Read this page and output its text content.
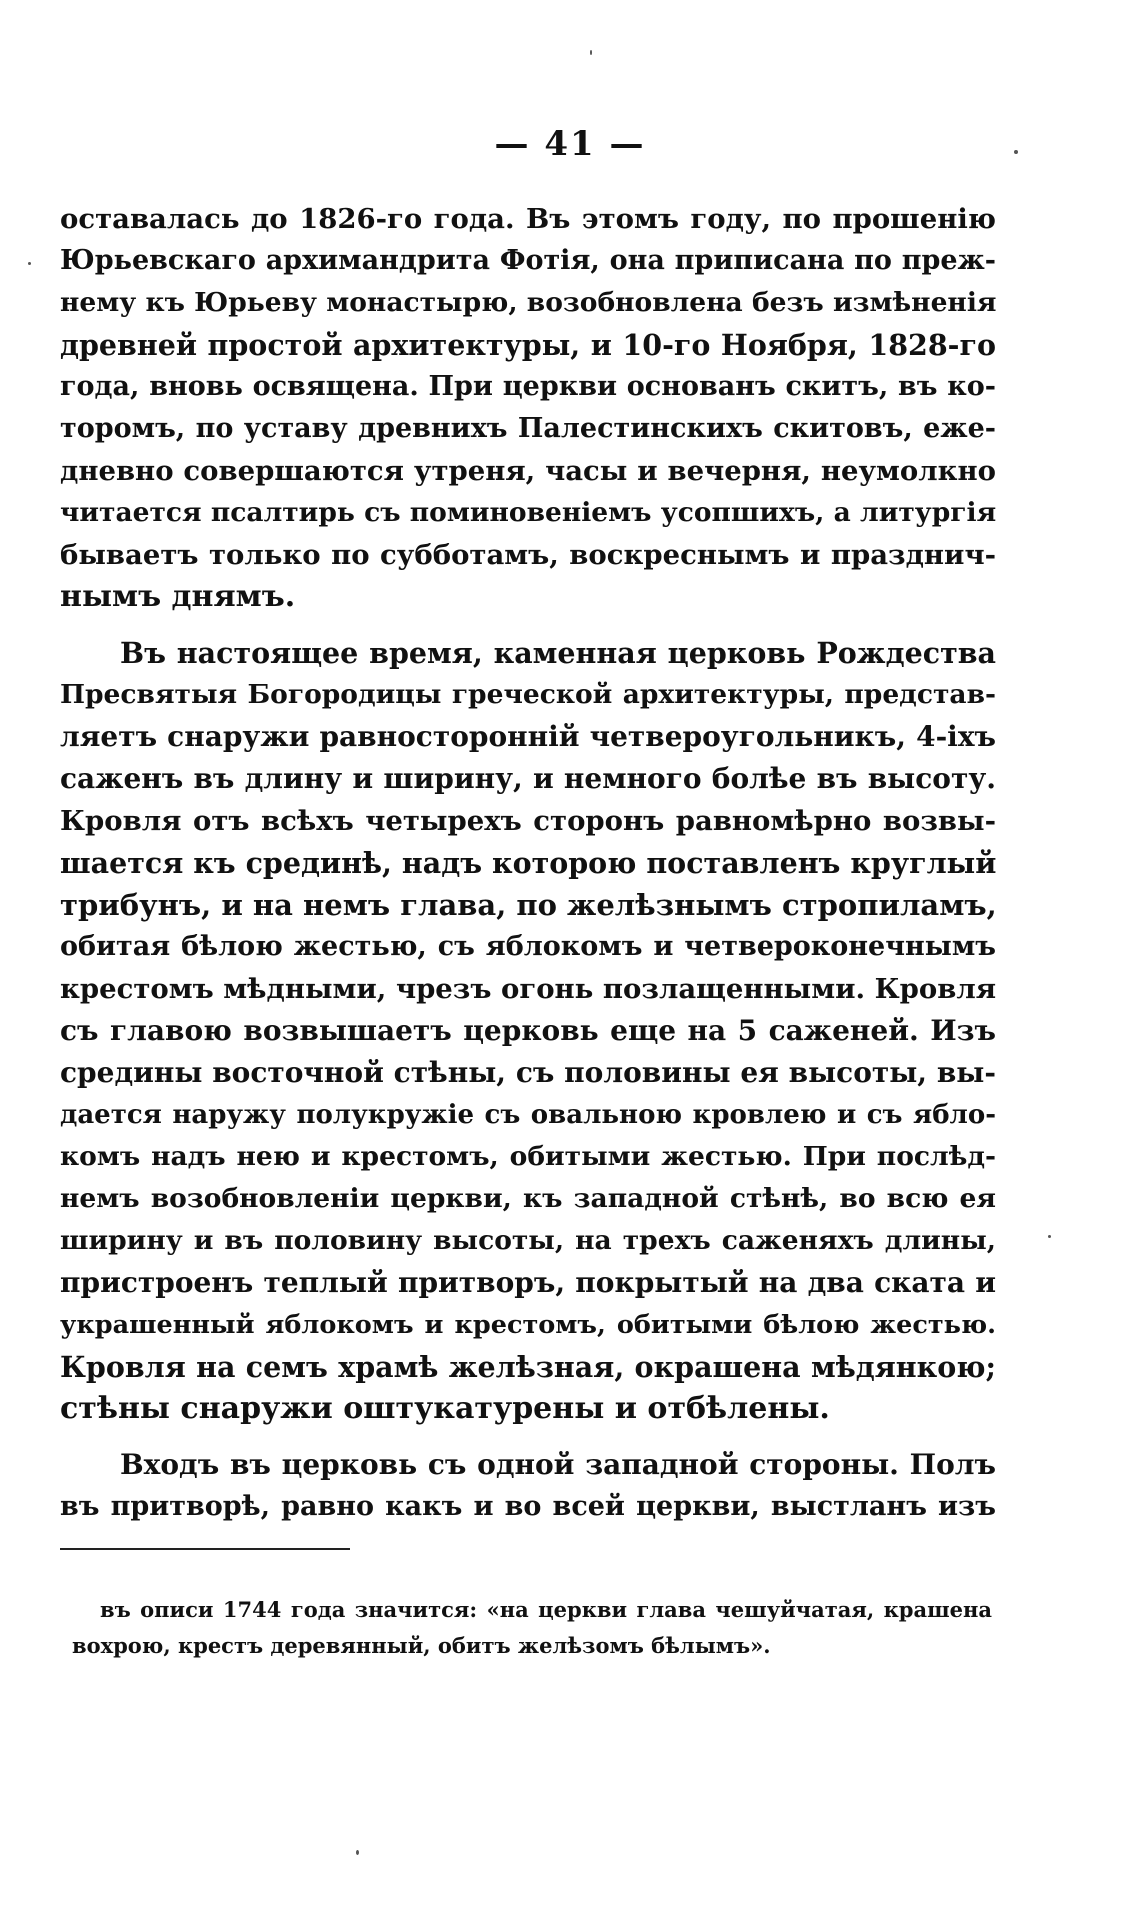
— 41 —
оставалась до 1826-го года. Въ этомъ году, по прошенію
Юрьевскаго архимандрита Фотія, она приписана по преж-
нему къ Юрьеву монастырю, возобновлена безъ измѣненія
древней простой архитектуры, и 10-го Ноября, 1828-го
года, вновь освящена. При церкви основанъ скитъ, въ ко-
торомъ, по уставу древнихъ Палестинскихъ скитовъ, еже-
дневно совершаются утреня, часы и вечерня, неумолкно
читается псалтирь съ поминовеніемъ усопшихъ, а литургія
бываетъ только по субботамъ, воскреснымъ и празднич-
нымъ днямъ.
Въ настоящее время, каменная церковь Рождества
Пресвятыя Богородицы греческой архитектуры, представ-
ляетъ снаружи равносторонній четвероугольникъ, 4-іхъ
саженъ въ длину и ширину, и немного болѣе въ высоту.
Кровля отъ всѣхъ четырехъ сторонъ равномѣрно возвы-
шается къ срединѣ, надъ которою поставленъ круглый
трибунъ, и на немъ глава, по желѣзнымъ стропиламъ,
обитая бѣлою жестью, съ яблокомъ и четвероконечнымъ
крестомъ мѣдными, чрезъ огонь позлащенными. Кровля
съ главою возвышаетъ церковь еще на 5 саженей. Изъ
средины восточной стѣны, съ половины ея высоты, вы-
дается наружу полукружіе съ овальною кровлею и съ ябло-
комъ надъ нею и крестомъ, обитыми жестью. При послѣд-
немъ возобновленіи церкви, къ западной стѣнѣ, во всю ея
ширину и въ половину высоты, на трехъ саженяхъ длины,
пристроенъ теплый притворъ, покрытый на два ската и
украшенный яблокомъ и крестомъ, обитыми бѣлою жестью.
Кровля на семъ храмѣ желѣзная, окрашена мѣдянкою;
стѣны снаружи оштукатурены и отбѣлены.
Входъ въ церковь съ одной западной стороны. Полъ
въ притворѣ, равно какъ и во всей церкви, выстланъ изъ
въ описи 1744 года значится: «на церкви глава чешуйчатая, крашена
вохрою, крестъ деревянный, обитъ желѣзомъ бѣлымъ».
